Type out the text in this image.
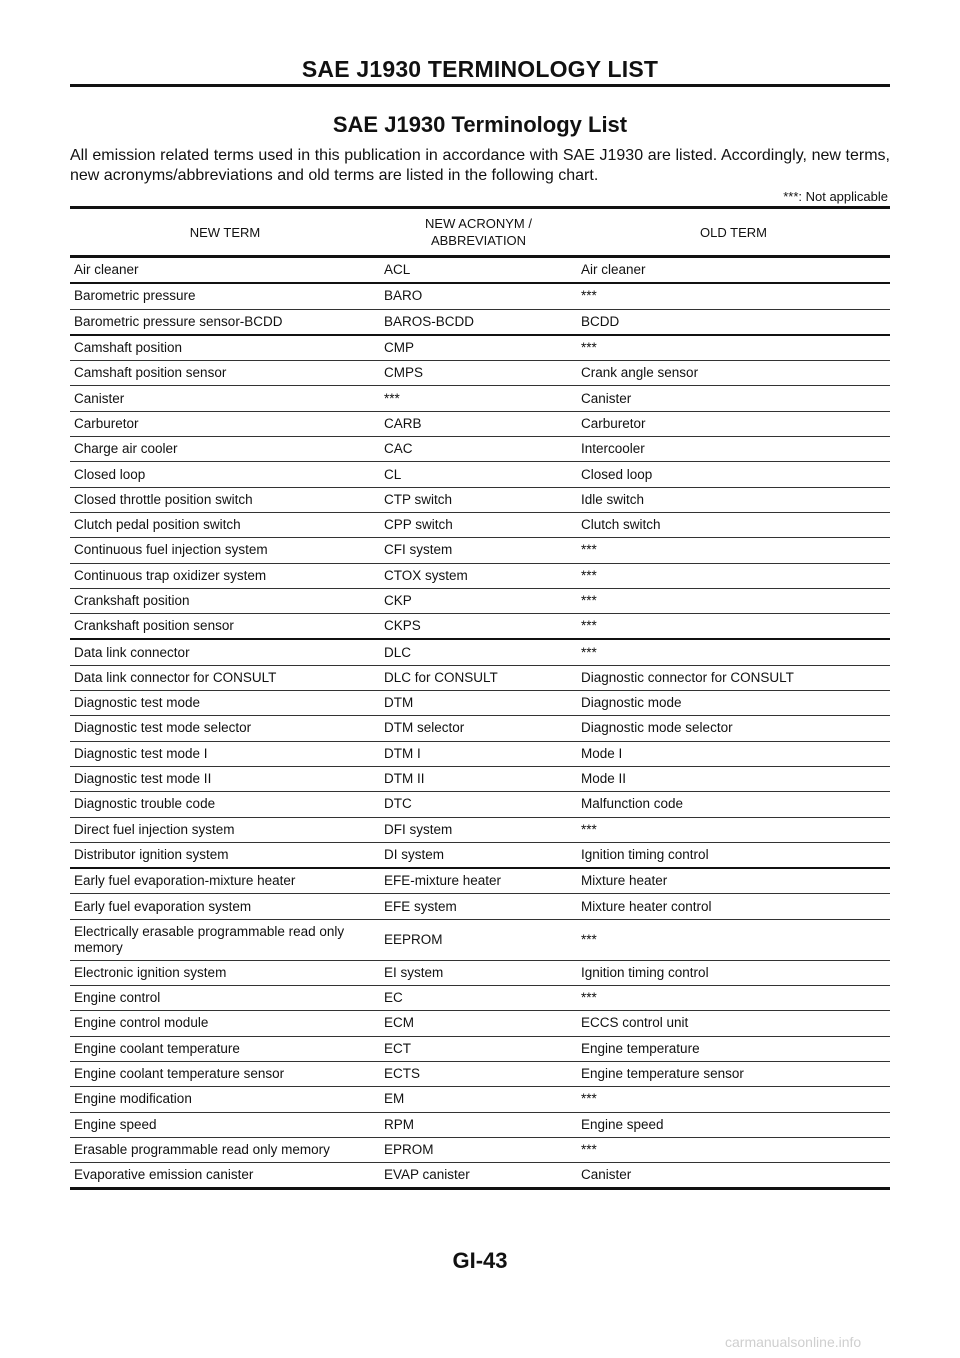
SAE J1930 TERMINOLOGY LIST
SAE J1930 Terminology List
All emission related terms used in this publication in accordance with SAE J1930 are listed. Accordingly, new terms, new acronyms/abbreviations and old terms are listed in the following chart.
***: Not applicable
NEW TERM	NEW ACRONYM / ABBREVIATION	OLD TERM
Air cleaner	ACL	Air cleaner
Barometric pressure	BARO	***
Barometric pressure sensor-BCDD	BAROS-BCDD	BCDD
Camshaft position	CMP	***
Camshaft position sensor	CMPS	Crank angle sensor
Canister	***	Canister
Carburetor	CARB	Carburetor
Charge air cooler	CAC	Intercooler
Closed loop	CL	Closed loop
Closed throttle position switch	CTP switch	Idle switch
Clutch pedal position switch	CPP switch	Clutch switch
Continuous fuel injection system	CFI system	***
Continuous trap oxidizer system	CTOX system	***
Crankshaft position	CKP	***
Crankshaft position sensor	CKPS	***
Data link connector	DLC	***
Data link connector for CONSULT	DLC for CONSULT	Diagnostic connector for CONSULT
Diagnostic test mode	DTM	Diagnostic mode
Diagnostic test mode selector	DTM selector	Diagnostic mode selector
Diagnostic test mode I	DTM I	Mode I
Diagnostic test mode II	DTM II	Mode II
Diagnostic trouble code	DTC	Malfunction code
Direct fuel injection system	DFI system	***
Distributor ignition system	DI system	Ignition timing control
Early fuel evaporation-mixture heater	EFE-mixture heater	Mixture heater
Early fuel evaporation system	EFE system	Mixture heater control
Electrically erasable programmable read only memory	EEPROM	***
Electronic ignition system	EI system	Ignition timing control
Engine control	EC	***
Engine control module	ECM	ECCS control unit
Engine coolant temperature	ECT	Engine temperature
Engine coolant temperature sensor	ECTS	Engine temperature sensor
Engine modification	EM	***
Engine speed	RPM	Engine speed
Erasable programmable read only memory	EPROM	***
Evaporative emission canister	EVAP canister	Canister
GI-43
carmanualsonline.info
